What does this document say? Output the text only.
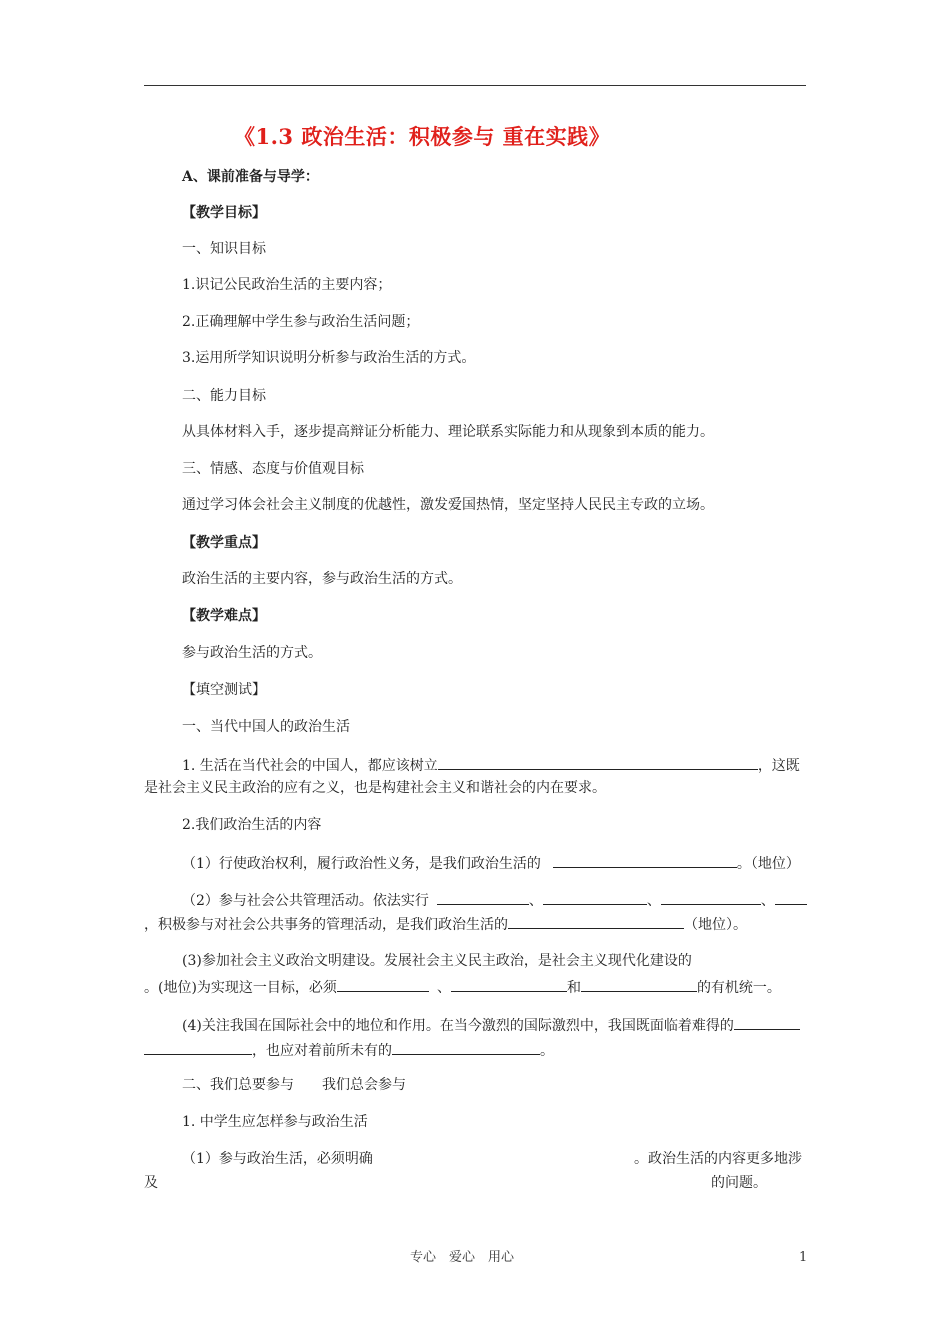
《1.3 政治生活：积极参与 重在实践》
A、课前准备与导学：
【教学目标】
一、知识目标
1.识记公民政治生活的主要内容；
2.正确理解中学生参与政治生活问题；
3.运用所学知识说明分析参与政治生活的方式。
二、能力目标
从具体材料入手，逐步提高辩证分析能力、理论联系实际能力和从现象到本质的能力。
三、情感、态度与价值观目标
通过学习体会社会主义制度的优越性，激发爱国热情，坚定坚持人民民主专政的立场。
【教学重点】
政治生活的主要内容，参与政治生活的方式。
【教学难点】
参与政治生活的方式。
【填空测试】
一、当代中国人的政治生活
1. 生活在当代社会的中国人，都应该树立	，这既
是社会主义民主政治的应有之义，也是构建社会主义和谐社会的内在要求。
2.我们政治生活的内容
（1）行使政治权利，履行政治性义务，是我们政治生活的	。（地位）
（2）参与社会公共管理活动。依法实行	、	、	、
，积极参与对社会公共事务的管理活动，是我们政治生活的	（地位）。
(3)参加社会主义政治文明建设。发展社会主义民主政治，是社会主义现代化建设的
。(地位)为实现这一目标，必须	、	和	的有机统一。
(4)关注我国在国际社会中的地位和作用。在当今激烈的国际激烈中，我国既面临着难得的
，也应对着前所未有的	。
二、我们总要参与　　我们总会参与
1. 中学生应怎样参与政治生活
（1）参与政治生活，必须明确	。政治生活的内容更多地涉
及	的问题。
专心　爱心　用心	1
